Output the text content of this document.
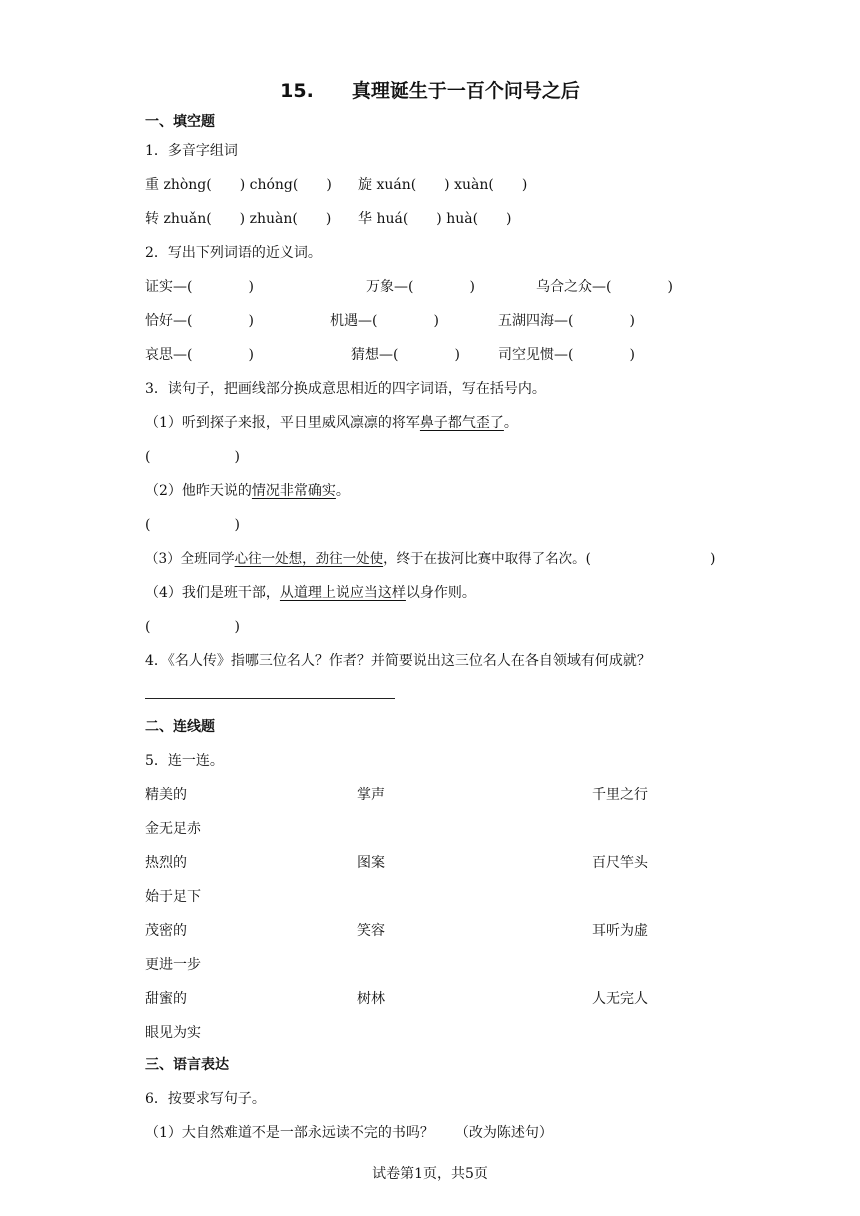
15.　　真理诞生于一百个问号之后
一、填空题
1．多音字组词
重 zhòng(　　) chóng(　　) 旋 xuán(　　) xuàn(　　)
转 zhuǎn(　　) zhuàn(　　) 华 huá(　　) huà(　　)
2．写出下列词语的近义词。
证实—(　　　　)	万象—(　　　　)	乌合之众—(　　　　)
恰好—(　　　　)	机遇—(　　　　)	五湖四海—(　　　　)
哀思—(　　　　)	猜想—(　　　　)	司空见惯—(　　　　)
3．读句子，把画线部分换成意思相近的四字词语，写在括号内。
（1）听到探子来报，平日里威风凛凛的将军鼻子都气歪了。
(　　　　　　)
（2）他昨天说的情况非常确实。
(　　　　　　)
（3）全班同学心往一处想，劲往一处使，终于在拔河比赛中取得了名次。(	)
（4）我们是班干部，从道理上说应当这样以身作则。
(　　　　　　)
4．《名人传》指哪三位名人？作者？并简要说出这三位名人在各自领域有何成就？
二、连线题
5．连一连。
精美的	掌声	千里之行
金无足赤
热烈的	图案	百尺竿头
始于足下
茂密的	笑容	耳听为虚
更进一步
甜蜜的	树林	人无完人
眼见为实
三、语言表达
6．按要求写句子。
（1）大自然难道不是一部永远读不完的书吗？　　（改为陈述句）
试卷第1页，共5页
